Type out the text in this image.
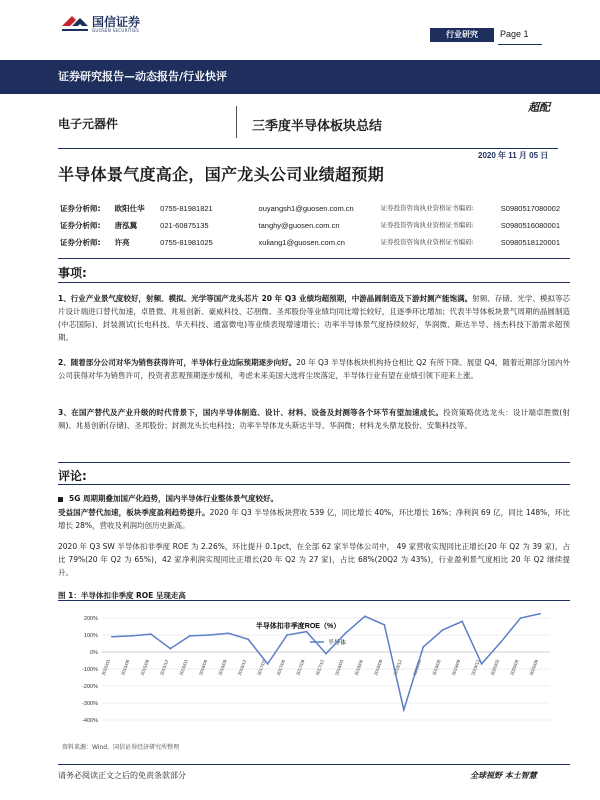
国信证券
GUOSEN SECURITIES	行业研究	Page 1
证券研究报告—动态报告/行业快评
电子元器件	三季度半导体板块总结
超配
2020 年 11 月 05 日
半导体景气度高企，国产龙头公司业绩超预期
证券分析师:	欧阳仕华	0755-81981821	ouyangsh1@guosen.com.cn	证券投资咨询执业资格证书编码:	S0980517080002
证券分析师:	唐泓翼	021-60875135	tanghy@guosen.com.cn	证券投资咨询执业资格证书编码:	S0980516080001
证券分析师:	许亮	0755-81981025	xuliang1@guosen.com.cn	证券投资咨询执业资格证书编码:	S0980518120001
事项:
1、行业产业景气度较好，射频、模拟、光学等国产龙头芯片 20 年 Q3 业绩均超预期，中游晶圆制造及下游封测产能饱满。射频、存储、光学、模拟等芯片设计端进口替代加速，卓胜微、兆易创新、豪威科技、芯朋微、圣邦股份等业绩均同比增长较好，且逐季环比增加；代表半导体板块景气周期的晶圆制造(中芯国际)、封装测试(长电科技、华天科技、通富微电)等业绩表现增速增长；功率半导体景气度持续较好，华润微、斯达半导、扬杰科技下游需求超预期。
2、随着部分公司对华为销售获得许可，半导体行业边际预期逐步向好。20 年 Q3 半导体板块机构持仓相比 Q2 有所下降。展望 Q4，随着近期部分国内外公司获得对华为销售许可，投资者悲观预期逐步缓和，考虑未来美国大选将尘埃落定，半导体行业有望在业绩引领下迎来上涨。
3、在国产替代及产业升级的时代背景下，国内半导体制造、设计、材料、设备及封测等各个环节有望加速成长。投资策略优选龙头：设计端卓胜微(射频)、兆易创新(存储)、圣邦股份；封测龙头长电科技；功率半导体龙头斯达半导、华润微；材料龙头鼎龙股份、安集科技等。
评论:
5G 周期期叠加国产化趋势，国内半导体行业整体景气度较好。
受益国产替代加速，板块季度盈利趋势提升。2020 年 Q3 半导体板块营收 539 亿，同比增长 40%，环比增长 16%；净利润 69 亿，同比 148%，环比增长 28%，营收及利润均创历史新高。
2020 年 Q3 SW 半导体扣非季度 ROE 为 2.26%，环比提升 0.1pct，在全部 62 家半导体公司中， 49 家营收实现同比正增长(20 年 Q2 为 39 家)，占比 79%(20 年 Q2 为 65%)，42 家净利润实现同比正增长(20 年 Q2 为 27 家)，占比 68%(20Q2 为 43%)，行业盈利景气度相比 20 年 Q2 继续提升。
图 1：半导体扣非季度 ROE 呈现走高
半导体扣非季度ROE（%）
半导体
200%
100%
0%
-100%
-200%
-300%
-400%
2015/03 2015/06 2015/09 2015/12 2016/03 2016/06 2016/09 2016/12 2017/03 2017/06 2017/09 2017/12 2018/03 2018/06 2018/09 2018/12 2019/03 2019/06 2019/09 2019/12 2020/03 2020/06 2020/09
资料来源：Wind、国信证券经济研究所整理
请务必阅读正文之后的免责条款部分	全球视野 本土智慧
